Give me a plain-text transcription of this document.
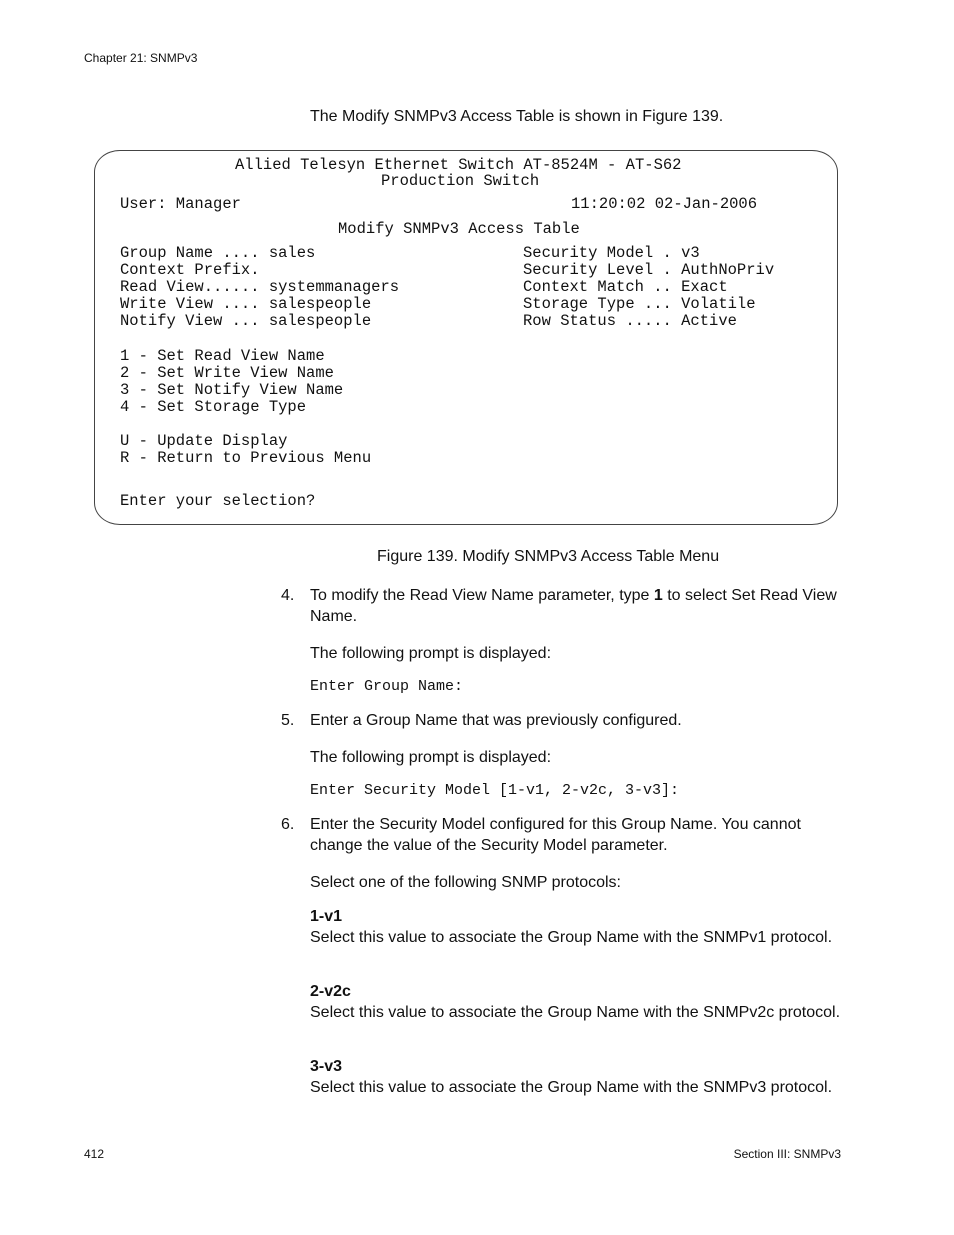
Chapter 21: SNMPv3
The Modify SNMPv3 Access Table is shown in Figure 139.
Allied Telesyn Ethernet Switch AT-8524M - AT-S62
Production Switch
User: Manager	11:20:02 02-Jan-2006
Modify SNMPv3 Access Table
Group Name .... sales
Context Prefix.
Read View...... systemmanagers
Write View .... salespeople
Notify View ... salespeople
Security Model . v3
Security Level . AuthNoPriv
Context Match .. Exact
Storage Type ... Volatile
Row Status ..... Active
1 - Set Read View Name
2 - Set Write View Name
3 - Set Notify View Name
4 - Set Storage Type
U - Update Display
R - Return to Previous Menu
Enter your selection?
Figure 139. Modify SNMPv3 Access Table Menu
4. To modify the Read View Name parameter, type 1 to select Set Read View Name.
The following prompt is displayed:
Enter Group Name:
5. Enter a Group Name that was previously configured.
The following prompt is displayed:
Enter Security Model [1-v1, 2-v2c, 3-v3]:
6. Enter the Security Model configured for this Group Name. You cannot change the value of the Security Model parameter.
Select one of the following SNMP protocols:
1-v1
Select this value to associate the Group Name with the SNMPv1 protocol.
2-v2c
Select this value to associate the Group Name with the SNMPv2c protocol.
3-v3
Select this value to associate the Group Name with the SNMPv3 protocol.
412	Section III: SNMPv3
